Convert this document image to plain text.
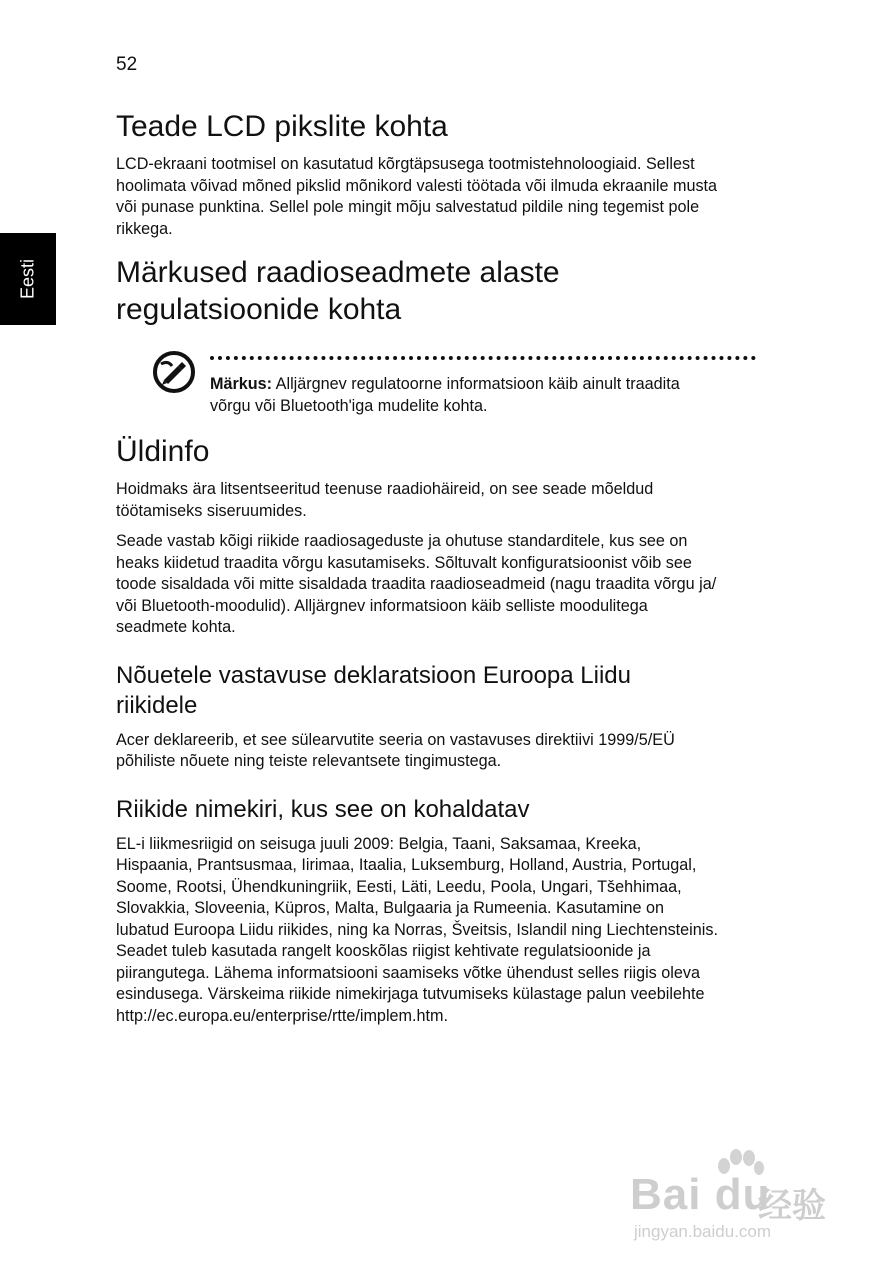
52
Eesti
Teade LCD pikslite kohta

LCD-ekraani tootmisel on kasutatud kõrgtäpsusega tootmistehnoloogiaid. Sellest
hoolimata võivad mõned pikslid mõnikord valesti töötada või ilmuda ekraanile musta
või punase punktina. Sellel pole mingit mõju salvestatud pildile ning tegemist pole
rikkega.

Märkused raadioseadmete alaste
regulatsioonide kohta
Märkus: Alljärgnev regulatoorne informatsioon käib ainult traadita
võrgu või Bluetooth'iga mudelite kohta.
Üldinfo

Hoidmaks ära litsentseeritud teenuse raadiohäireid, on see seade mõeldud
töötamiseks siseruumides.

Seade vastab kõigi riikide raadiosageduste ja ohutuse standarditele, kus see on
heaks kiidetud traadita võrgu kasutamiseks. Sõltuvalt konfiguratsioonist võib see
toode sisaldada või mitte sisaldada traadita raadioseadmeid (nagu traadita võrgu ja/
või Bluetooth-moodulid). Alljärgnev informatsioon käib selliste moodulitega
seadmete kohta.

Nõuetele vastavuse deklaratsioon Euroopa Liidu
riikidele

Acer deklareerib, et see sülearvutite seeria on vastavuses direktiivi 1999/5/EÜ
põhiliste nõuete ning teiste relevantsete tingimustega.

Riikide nimekiri, kus see on kohaldatav

EL-i liikmesriigid on seisuga juuli 2009: Belgia, Taani, Saksamaa, Kreeka,
Hispaania, Prantsusmaa, Iirimaa, Itaalia, Luksemburg, Holland, Austria, Portugal,
Soome, Rootsi, Ühendkuningriik, Eesti, Läti, Leedu, Poola, Ungari, Tšehhimaa,
Slovakkia, Sloveenia, Küpros, Malta, Bulgaaria ja Rumeenia. Kasutamine on
lubatud Euroopa Liidu riikides, ning ka Norras, Šveitsis, Islandil ning Liechtensteinis.
Seadet tuleb kasutada rangelt kooskõlas riigist kehtivate regulatsioonide ja
piirangutega. Lähema informatsiooni saamiseks võtke ühendust selles riigis oleva
esindusega. Värskeima riikide nimekirjaga tutvumiseks külastage palun veebilehte
http://ec.europa.eu/enterprise/rtte/implem.htm.

Bai du
经验
jingyan.baidu.com
